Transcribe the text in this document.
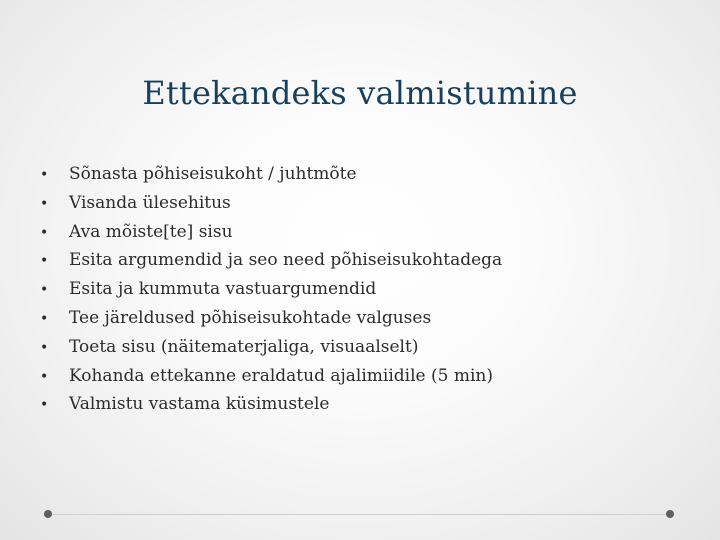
Ettekandeks valmistumine
•	Sõnasta põhiseisukoht / juhtmõte
•	Visanda ülesehitus
•	Ava mõiste[te] sisu
•	Esita argumendid ja seo need põhiseisukohtadega
•	Esita ja kummuta vastuargumendid
•	Tee järeldused põhiseisukohtade valguses
•	Toeta sisu (näitematerjaliga, visuaalselt)
•	Kohanda ettekanne eraldatud ajalimiidile (5 min)
•	Valmistu vastama küsimustele
